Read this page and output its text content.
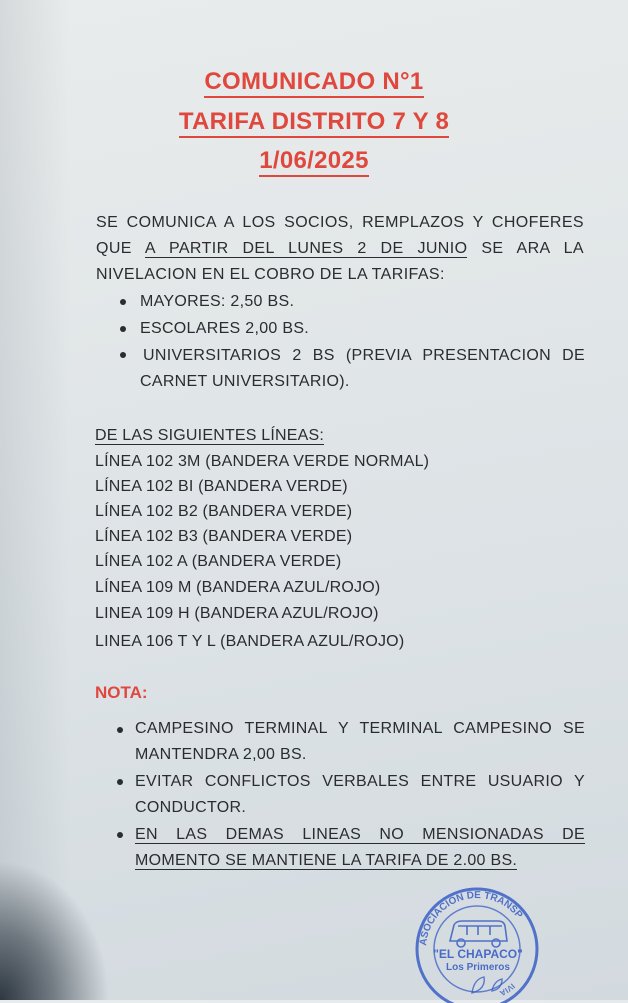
COMUNICADO N°1
TARIFA DISTRITO 7 Y 8
1/06/2025
SE COMUNICA A LOS SOCIOS, REMPLAZOS Y CHOFERES
QUE A PARTIR DEL LUNES 2 DE JUNIO SE ARA LA
NIVELACION EN EL COBRO DE LA TARIFAS:
MAYORES: 2,50 BS.
ESCOLARES 2,00 BS.
UNIVERSITARIOS 2 BS (PREVIA PRESENTACION DE
CARNET UNIVERSITARIO).
DE LAS SIGUIENTES LÍNEAS:
LÍNEA 102 3M (BANDERA VERDE NORMAL)
LÍNEA 102 BI (BANDERA VERDE)
LÍNEA 102 B2 (BANDERA VERDE)
LÍNEA 102 B3 (BANDERA VERDE)
LÍNEA 102 A (BANDERA VERDE)
LÍNEA 109 M (BANDERA AZUL/ROJO)
LINEA 109 H (BANDERA AZUL/ROJO)
LINEA 106 T Y L (BANDERA AZUL/ROJO)
NOTA:
CAMPESINO TERMINAL Y TERMINAL CAMPESINO SE
MANTENDRA 2,00 BS.
EVITAR CONFLICTOS VERBALES ENTRE USUARIO Y
CONDUCTOR.
EN LAS DEMAS LINEAS NO MENSIONADAS DE
MOMENTO SE MANTIENE LA TARIFA DE 2.00 BS.
ASOCIACION DE TRANSP
IVIA
"EL CHAPACO"
Los Primeros
